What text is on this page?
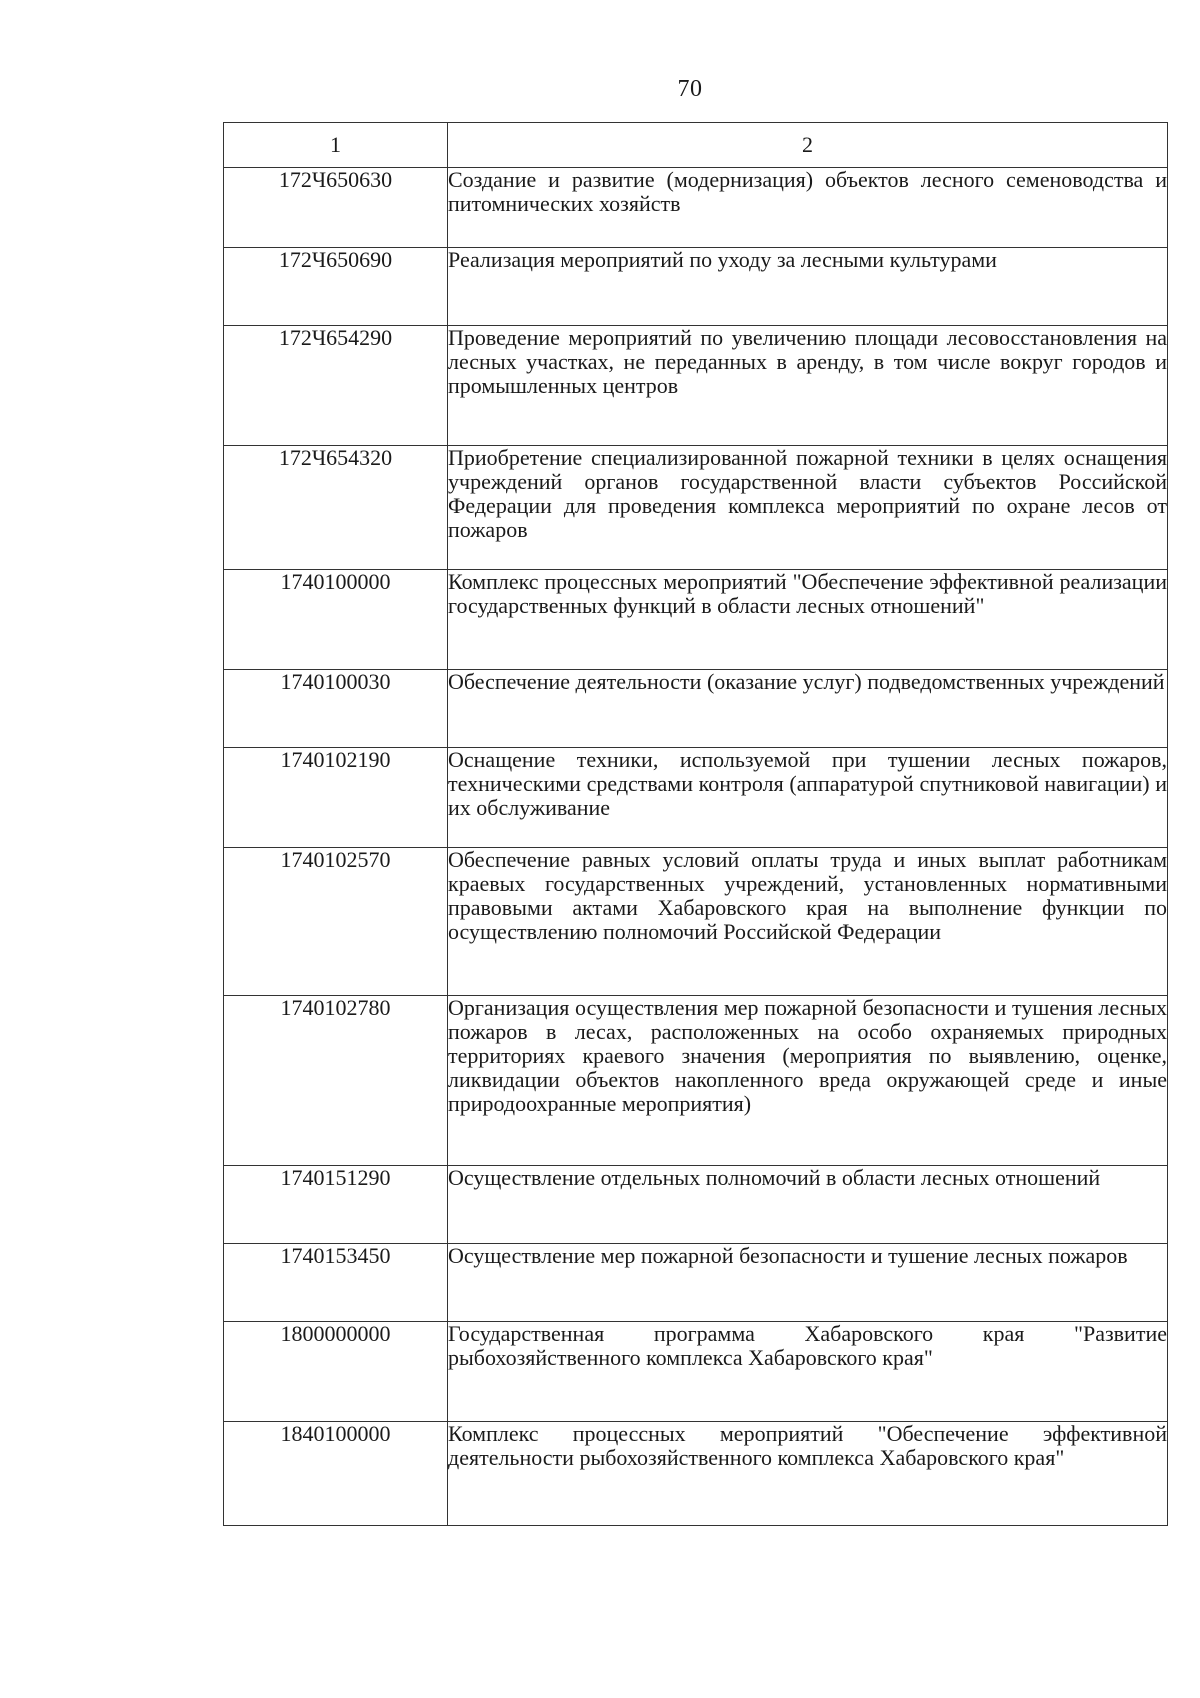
70
1	2
172Ч650630	Создание и развитие (модернизация) объектов лесного семеноводства и питомнических хозяйств
172Ч650690	Реализация мероприятий по уходу за лесными культурами
172Ч654290	Проведение мероприятий по увеличению площади лесовосстановления на лесных участках, не переданных в аренду, в том числе вокруг городов и промышленных центров
172Ч654320	Приобретение специализированной пожарной техники в целях оснащения учреждений органов государственной власти субъектов Российской Федерации для проведения комплекса мероприятий по охране лесов от пожаров
1740100000	Комплекс процессных мероприятий "Обеспечение эффективной реализации государственных функций в области лесных отношений"
1740100030	Обеспечение деятельности (оказание услуг) подведомственных учреждений
1740102190	Оснащение техники, используемой при тушении лесных пожаров, техническими средствами контроля (аппаратурой спутниковой навигации) и их обслуживание
1740102570	Обеспечение равных условий оплаты труда и иных выплат работникам краевых государственных учреждений, установленных нормативными правовыми актами Хабаровского края на выполнение функции по осуществлению полномочий Российской Федерации
1740102780	Организация осуществления мер пожарной безопасности и тушения лесных пожаров в лесах, расположенных на особо охраняемых природных территориях краевого значения (мероприятия по выявлению, оценке, ликвидации объектов накопленного вреда окружающей среде и иные природоохранные мероприятия)
1740151290	Осуществление отдельных полномочий в области лесных отношений
1740153450	Осуществление мер пожарной безопасности и тушение лесных пожаров
1800000000	Государственная программа Хабаровского края "Развитие рыбохозяйственного комплекса Хабаровского края"
1840100000	Комплекс процессных мероприятий "Обеспечение эффективной деятельности рыбохозяйственного комплекса Хабаровского края"
